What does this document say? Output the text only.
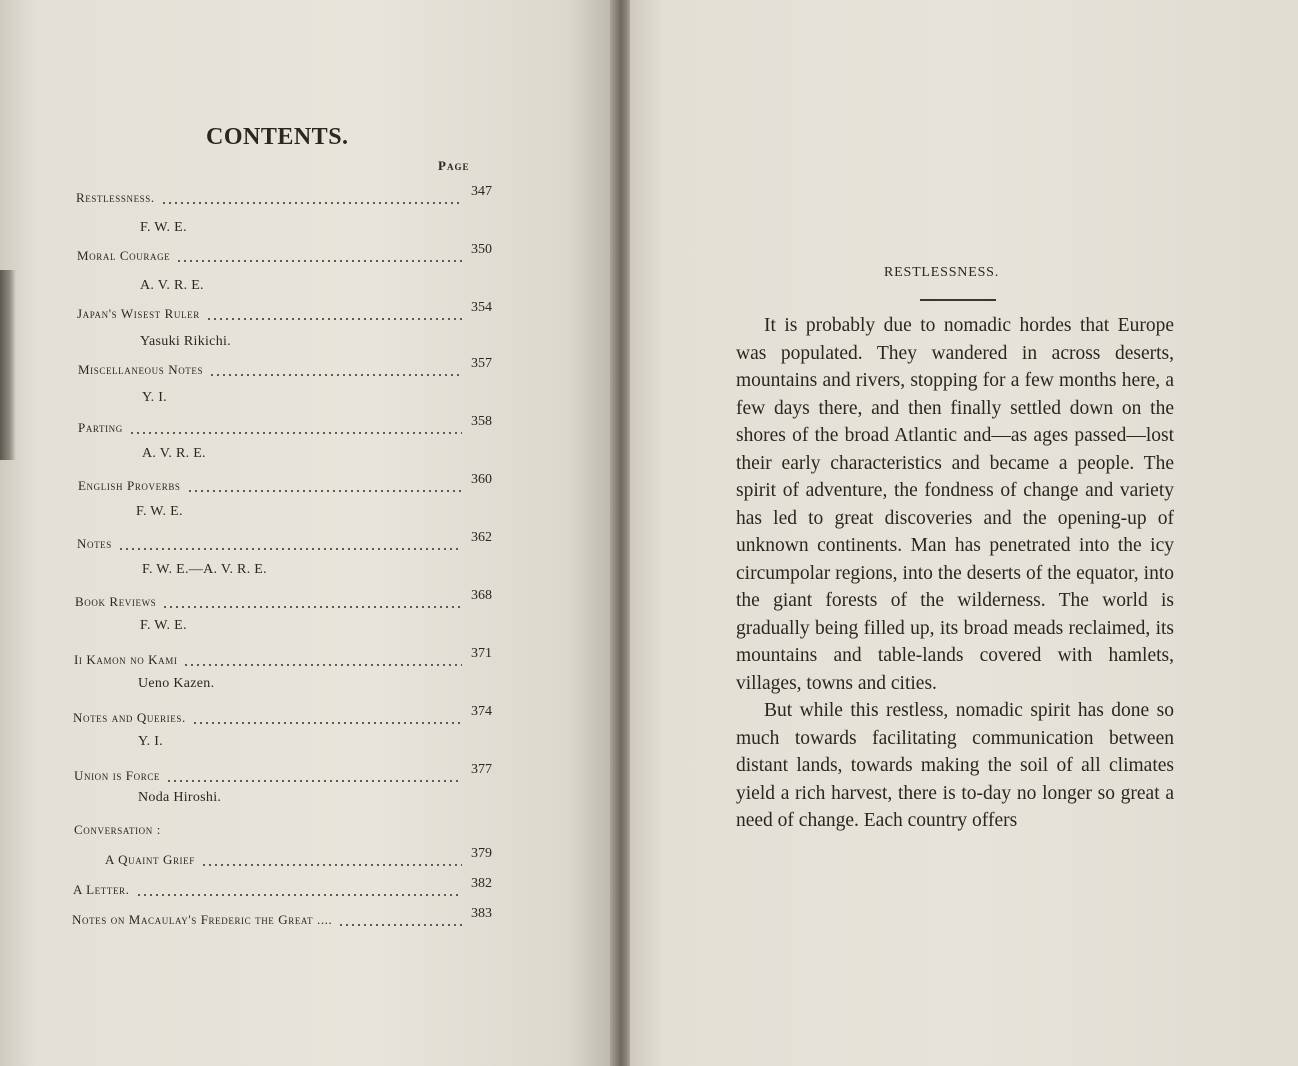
CONTENTS.
Page
Restlessness.	347
F. W. E.
Moral Courage	350
A. V. R. E.
Japan's Wisest Ruler	354
Yasuki Rikichi.
Miscellaneous Notes	357
Y. I.
Parting	358
A. V. R. E.
English Proverbs	360
F. W. E.
Notes	362
F. W. E.—A. V. R. E.
Book Reviews	368
F. W. E.
Ii Kamon no Kami	371
Ueno Kazen.
Notes and Queries.	374
Y. I.
Union is Force	377
Noda Hiroshi.
Conversation :
A Quaint Grief	379
A Letter.	382
Notes on Macaulay's Frederic the Great ....	383
RESTLESSNESS.

It is probably due to nomadic hordes that Europe was populated. They wandered in across deserts, mountains and rivers, stopping for a few months here, a few days there, and then finally settled down on the shores of the broad Atlantic and—as ages passed—lost their early characteristics and became a people. The spirit of adventure, the fondness of change and variety has led to great discoveries and the opening-up of unknown continents. Man has penetrated into the icy circumpolar regions, into the deserts of the equator, into the giant forests of the wilderness. The world is gradually being filled up, its broad meads reclaimed, its mountains and table-lands covered with hamlets, villages, towns and cities.

But while this restless, nomadic spirit has done so much towards facilitating communication between distant lands, towards making the soil of all climates yield a rich harvest, there is to-day no longer so great a need of change. Each country offers
